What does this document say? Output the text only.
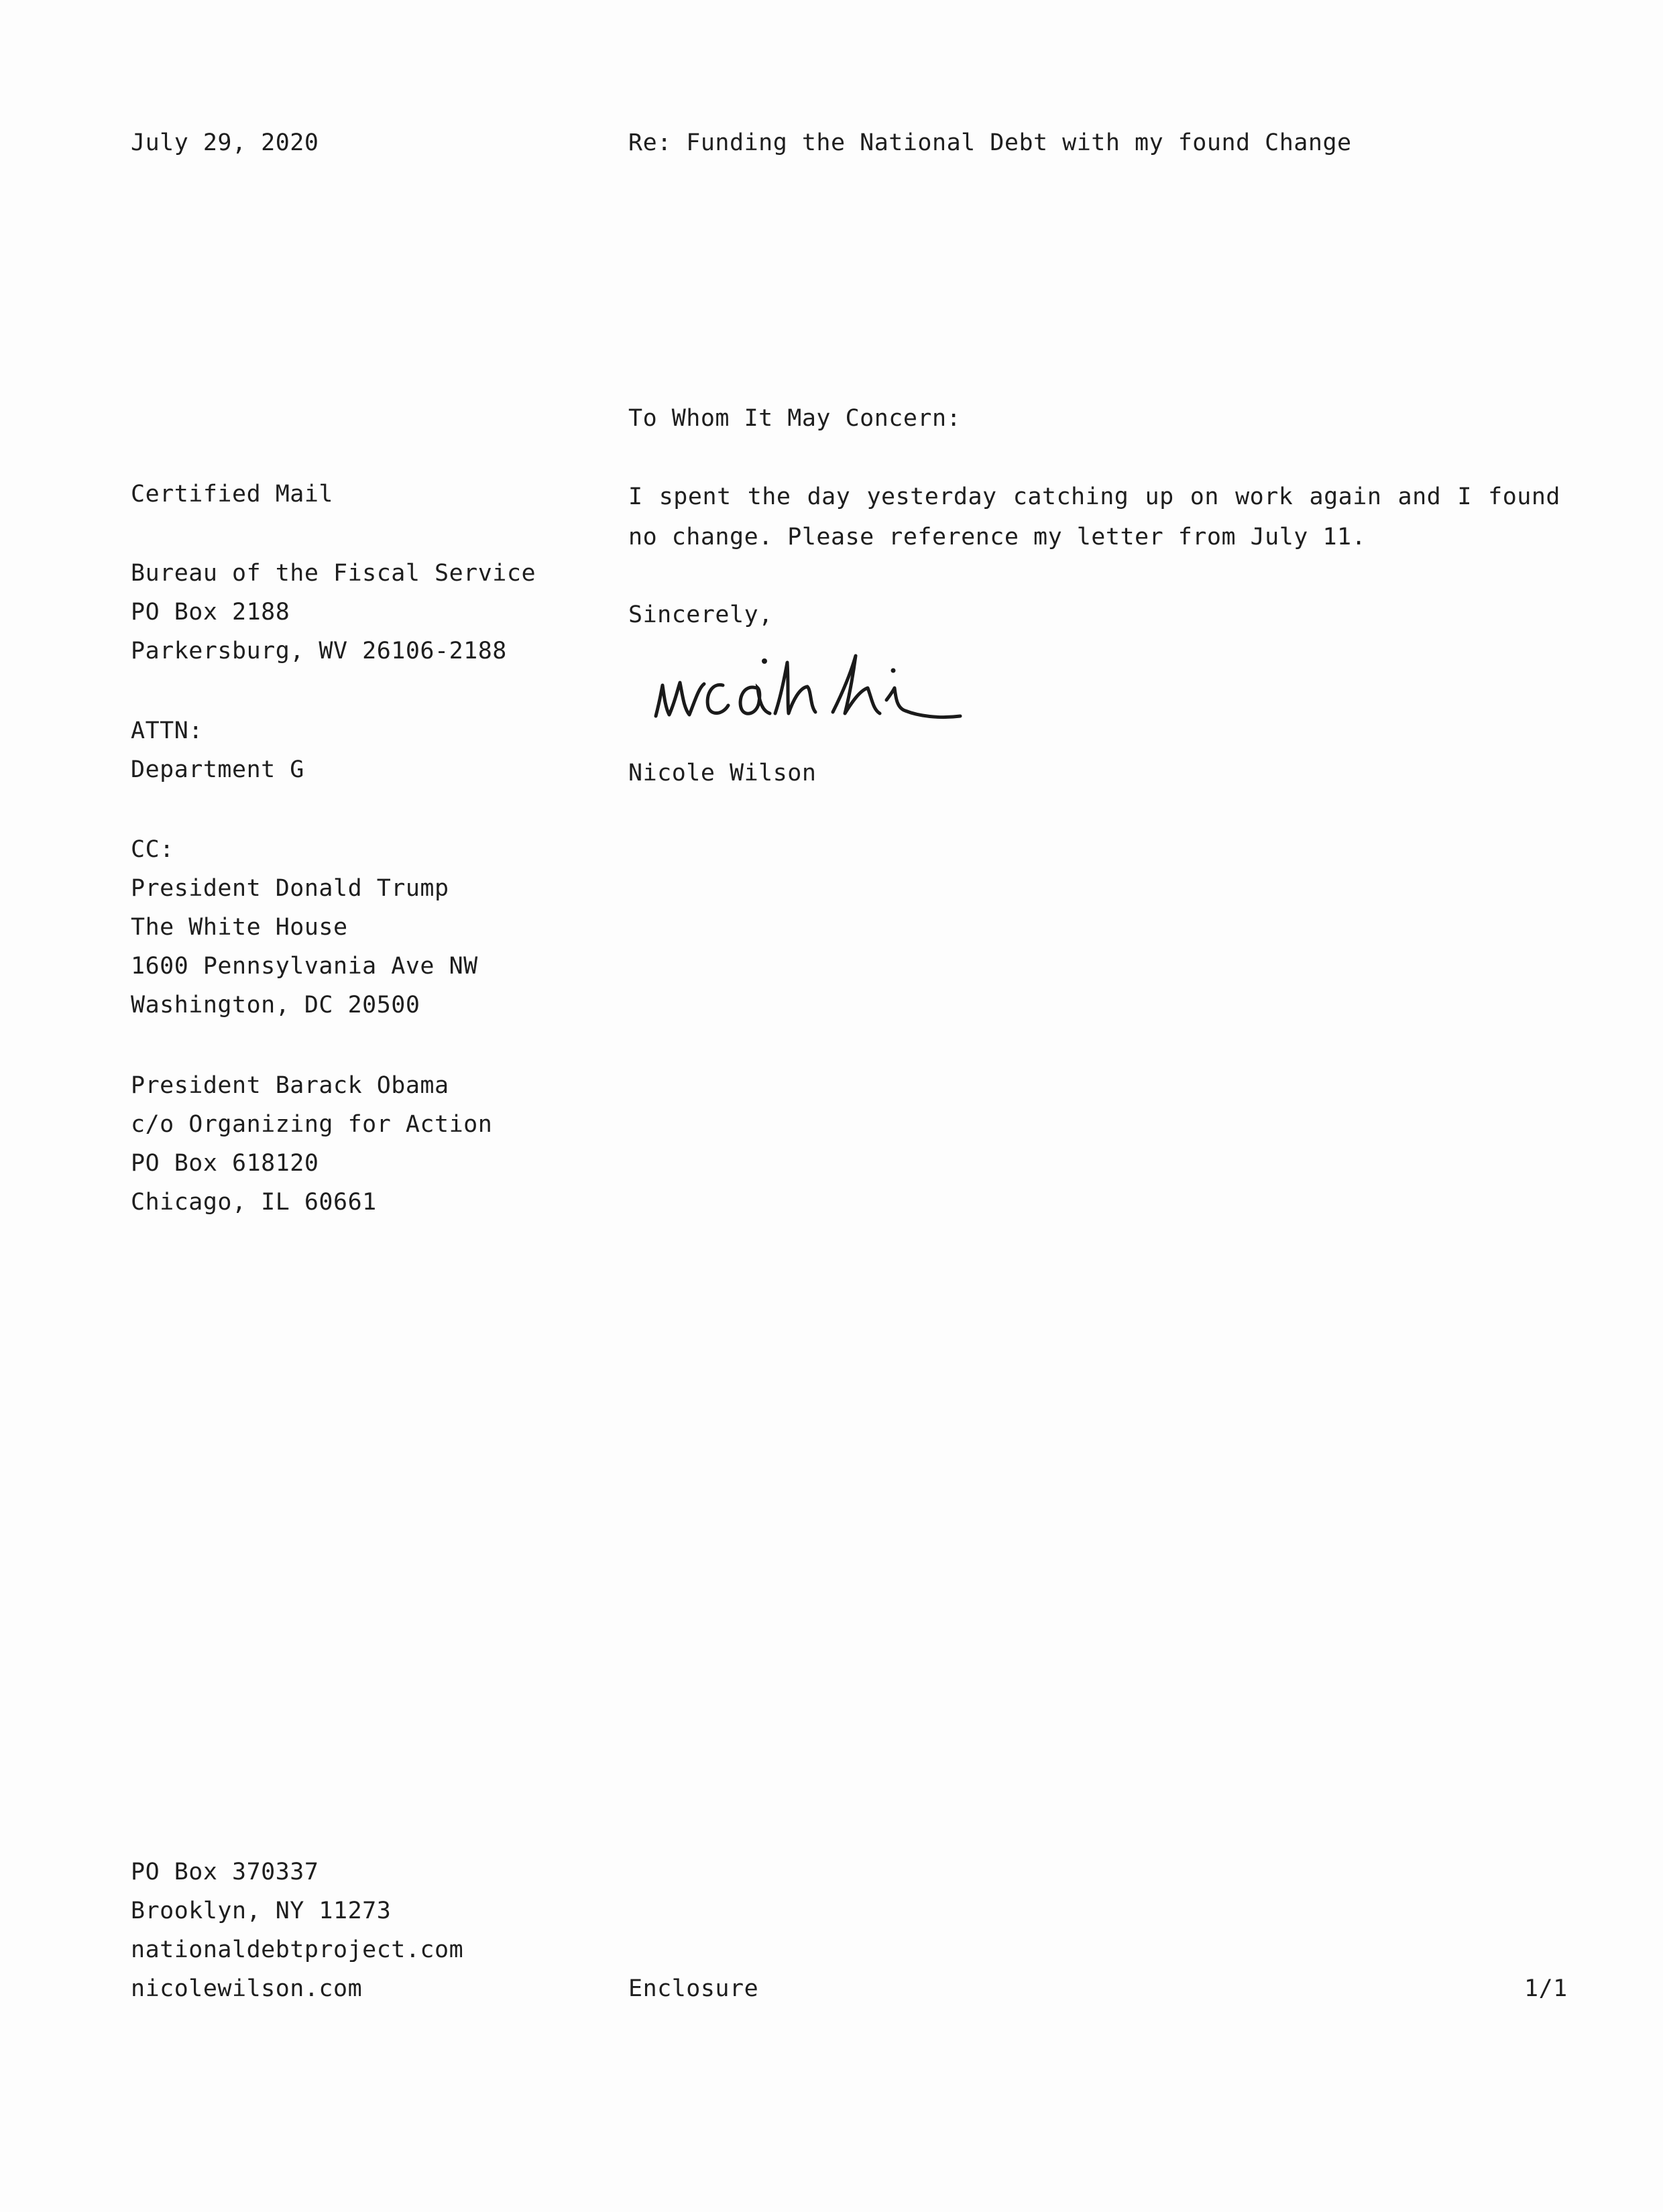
July 29, 2020	Re: Funding the National Debt with my found Change
To Whom It May Concern:
I spent the day yesterday catching up on work again and I found no change. Please reference my letter from July 11.
Sincerely,
Nicole Wilson
Certified Mail
Bureau of the Fiscal Service
PO Box 2188
Parkersburg, WV 26106-2188
ATTN:
Department G
CC:
President Donald Trump
The White House
1600 Pennsylvania Ave NW
Washington, DC 20500
President Barack Obama
c/o Organizing for Action
PO Box 618120
Chicago, IL 60661
PO Box 370337
Brooklyn, NY 11273
nationaldebtproject.com
nicolewilson.com	Enclosure	1/1
